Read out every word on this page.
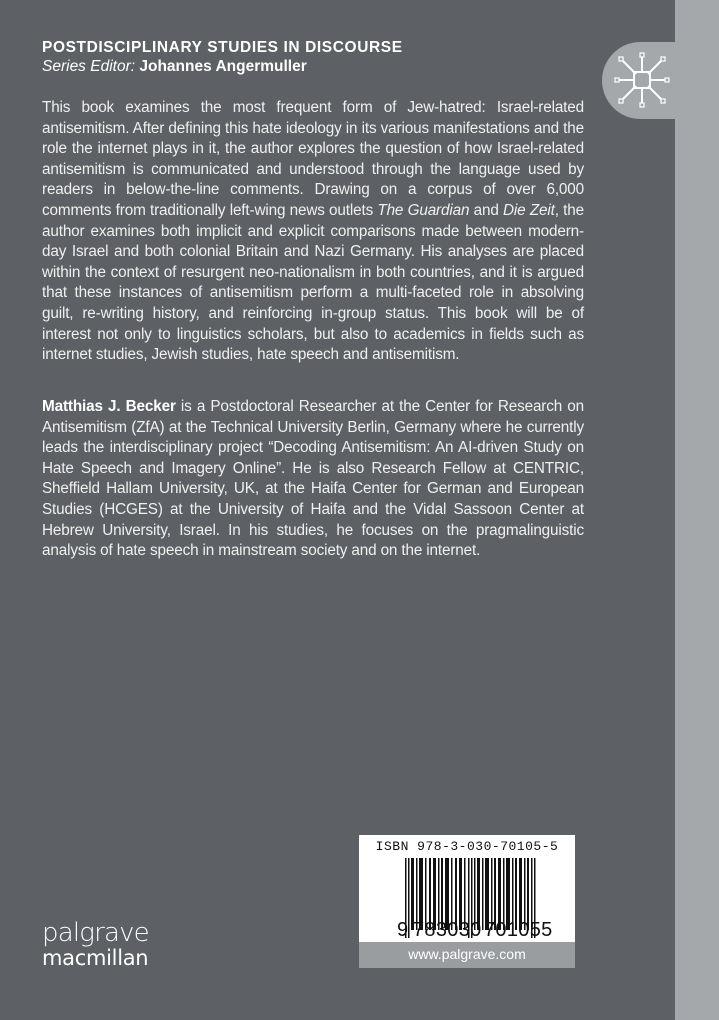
POSTDISCIPLINARY STUDIES IN DISCOURSE
Series Editor: Johannes Angermuller
This book examines the most frequent form of Jew-hatred: Israel-related antisemitism. After defining this hate ideology in its various manifestations and the role the internet plays in it, the author explores the question of how Israel-related antisemitism is communicated and understood through the language used by readers in below-the-line comments. Drawing on a corpus of over 6,000 comments from traditionally left-wing news outlets The Guardian and Die Zeit, the author examines both implicit and explicit comparisons made between modern-day Israel and both colonial Britain and Nazi Germany. His analyses are placed within the context of resurgent neo-nationalism in both countries, and it is argued that these instances of antisemitism perform a multi-faceted role in absolving guilt, re-writing history, and reinforcing in-group status. This book will be of interest not only to linguistics scholars, but also to academics in fields such as internet studies, Jewish studies, hate speech and antisemitism.
Matthias J. Becker is a Postdoctoral Researcher at the Center for Research on Antisemitism (ZfA) at the Technical University Berlin, Germany where he currently leads the interdisciplinary project “Decoding Antisemitism: An AI-driven Study on Hate Speech and Imagery Online”. He is also Research Fellow at CENTRIC, Sheffield Hallam University, UK, at the Haifa Center for German and European Studies (HCGES) at the University of Haifa and the Vidal Sassoon Center at Hebrew University, Israel. In his studies, he focuses on the pragmalinguistic analysis of hate speech in mainstream society and on the internet.
ISBN 978-3-030-70105-5
9 783030 701055
www.palgrave.com
palgrave
macmillan
